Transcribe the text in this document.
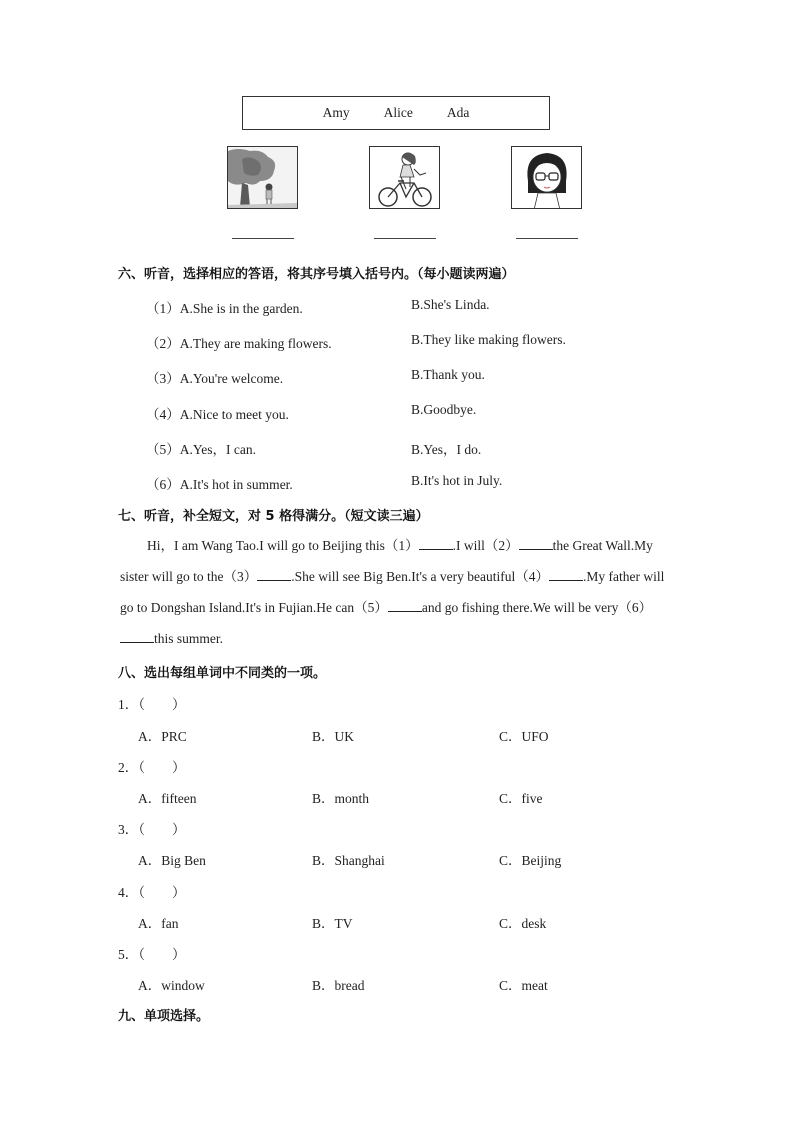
Amy	Alice	Ada
六、听音，选择相应的答语，将其序号填入括号内。（每小题读两遍）
（1）A.She is in the garden.	B.She's Linda.
（2）A.They are making flowers.	B.They like making flowers.
（3）A.You're welcome.	B.Thank you.
（4）A.Nice to meet you.	B.Goodbye.
（5）A.Yes，I can.	B.Yes，I do.
（6）A.It's hot in summer.	B.It's hot in July.
七、听音，补全短文，对 5 格得满分。（短文读三遍）
Hi，I am Wang Tao.I will go to Beijing this（1）	.I will（2）	the Great Wall.My sister will go to the（3）	.She will see Big Ben.It's a very beautiful（4）	.My father will go to Dongshan Island.It's in Fujian.He can（5）	and go fishing there.We will be very（6）this summer.
八、选出每组单词中不同类的一项。
1．（　　）
A．PRC	B．UK	C．UFO
2．（　　）
A．fifteen	B．month	C．five
3．（　　）
A．Big Ben	B．Shanghai	C．Beijing
4．（　　）
A．fan	B．TV	C．desk
5．（　　）
A．window	B．bread	C．meat
九、单项选择。
